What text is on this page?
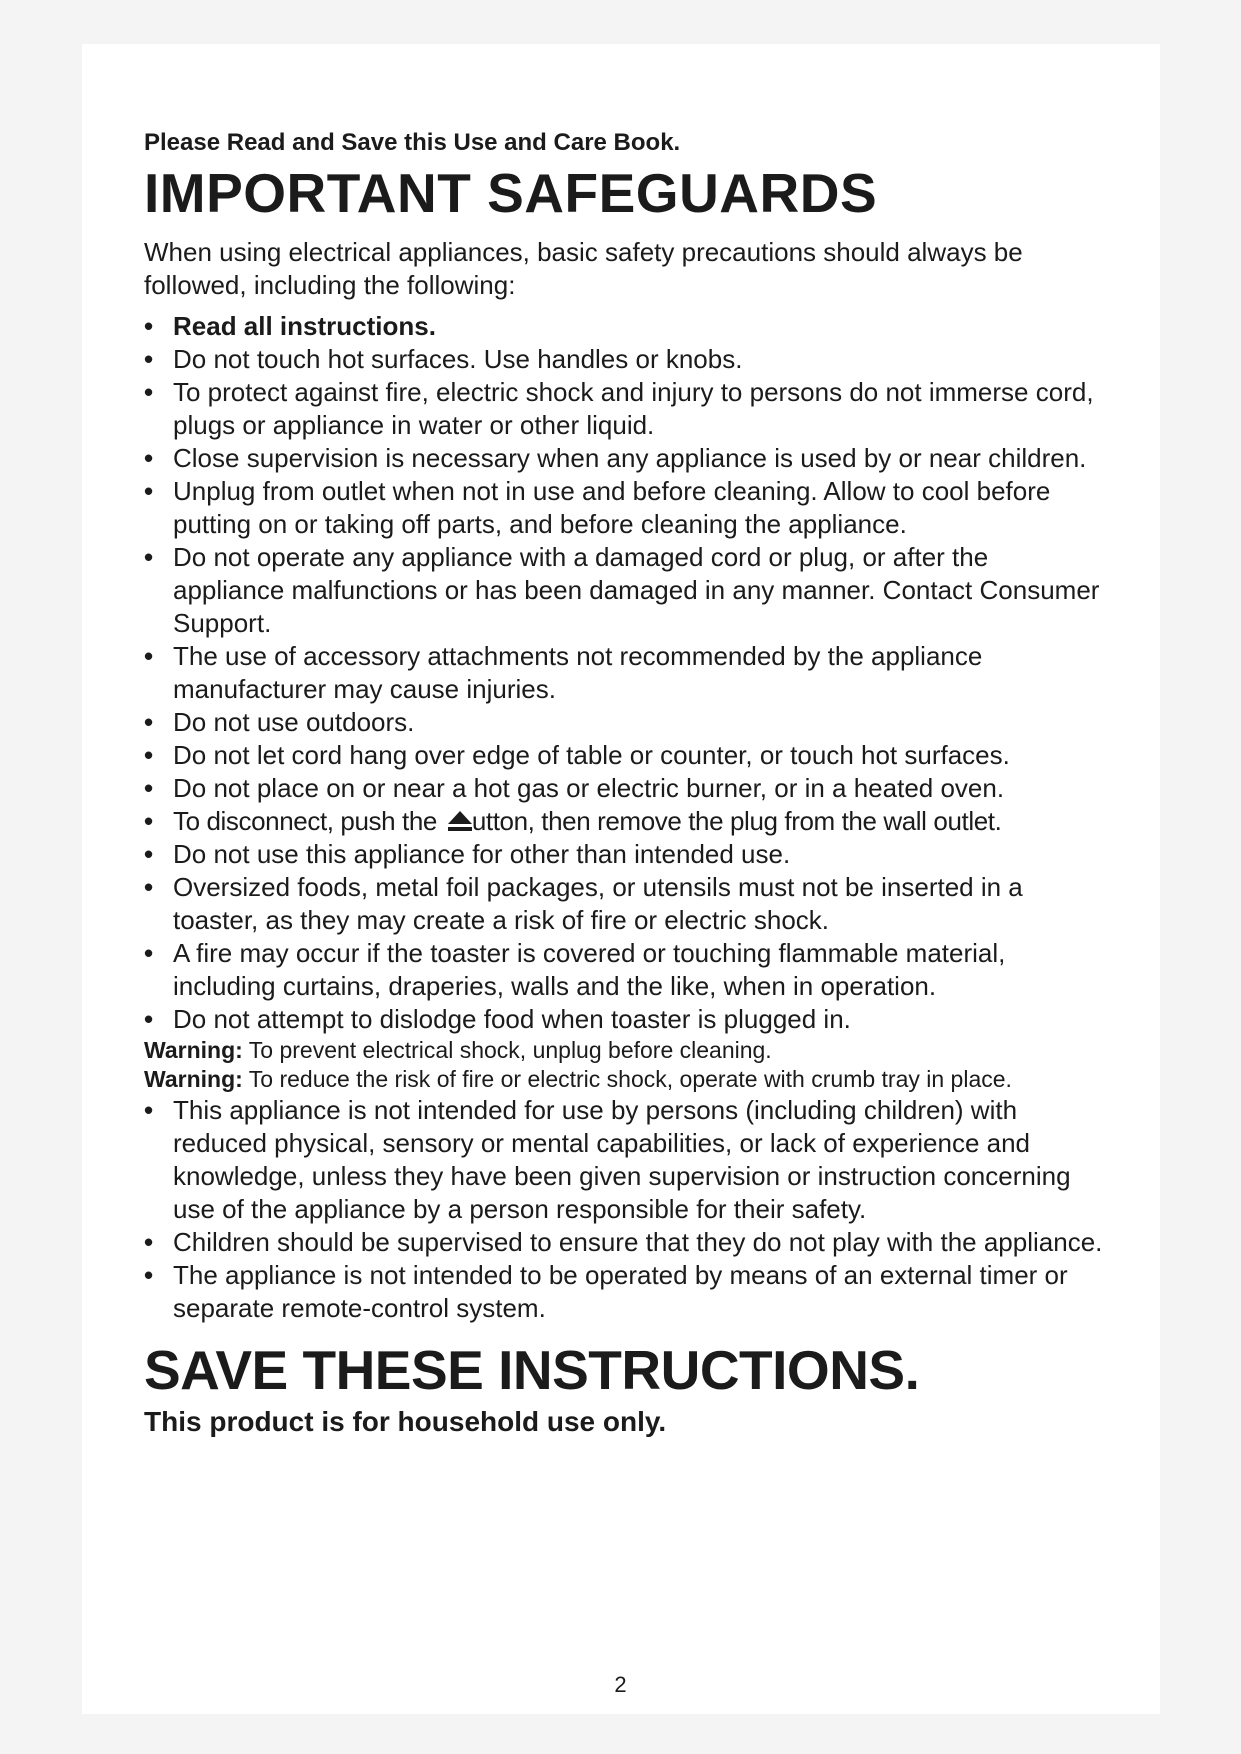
Please Read and Save this Use and Care Book.

IMPORTANT SAFEGUARDS

When using electrical appliances, basic safety precautions should always be followed, including the following:

• Read all instructions.
• Do not touch hot surfaces. Use handles or knobs.
• To protect against fire, electric shock and injury to persons do not immerse cord, plugs or appliance in water or other liquid.
• Close supervision is necessary when any appliance is used by or near children.
• Unplug from outlet when not in use and before cleaning. Allow to cool before putting on or taking off parts, and before cleaning the appliance.
• Do not operate any appliance with a damaged cord or plug, or after the appliance malfunctions or has been damaged in any manner. Contact Consumer Support.
• The use of accessory attachments not recommended by the appliance manufacturer may cause injuries.
• Do not use outdoors.
• Do not let cord hang over edge of table or counter, or touch hot surfaces.
• Do not place on or near a hot gas or electric burner, or in a heated oven.
• To disconnect, push the utton, then remove the plug from the wall outlet.
• Do not use this appliance for other than intended use.
• Oversized foods, metal foil packages, or utensils must not be inserted in a toaster, as they may create a risk of fire or electric shock.
• A fire may occur if the toaster is covered or touching flammable material, including curtains, draperies, walls and the like, when in operation.
• Do not attempt to dislodge food when toaster is plugged in.
Warning: To prevent electrical shock, unplug before cleaning.
Warning: To reduce the risk of fire or electric shock, operate with crumb tray in place.
• This appliance is not intended for use by persons (including children) with reduced physical, sensory or mental capabilities, or lack of experience and knowledge, unless they have been given supervision or instruction concerning use of the appliance by a person responsible for their safety.
• Children should be supervised to ensure that they do not play with the appliance.
• The appliance is not intended to be operated by means of an external timer or separate remote-control system.
SAVE THESE INSTRUCTIONS.

This product is for household use only.

2
